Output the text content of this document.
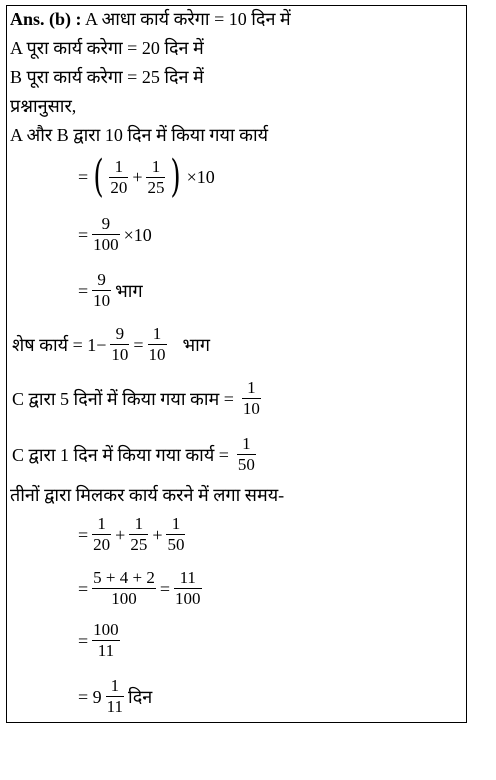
Ans. (b) : A आधा कार्य करेगा = 10 दिन में
A पूरा कार्य करेगा = 20 दिन में
B पूरा कार्य करेगा = 25 दिन में
प्रश्नानुसार,
A और B द्वारा 10 दिन में किया गया कार्य
= ( $\frac{1}{20} + \frac{1}{25}$ ) ×10
= $\frac{9}{100} \times 10$
= $\frac{9}{10}$ भाग
शेष कार्य = $1- \frac{9}{10} = \frac{1}{10}$ भाग
C द्वारा 5 दिनों में किया गया काम = $\frac{1}{10}$
C द्वारा 1 दिन में किया गया कार्य = $\frac{1}{50}$
तीनों द्वारा मिलकर कार्य करने में लगा समय-
= $\frac{1}{20} + \frac{1}{25} + \frac{1}{50}$
= $\frac{5 + 4 + 2}{100} = \frac{11}{100}$
= $\frac{100}{11}$
= $9 \frac{1}{11}$ दिन
